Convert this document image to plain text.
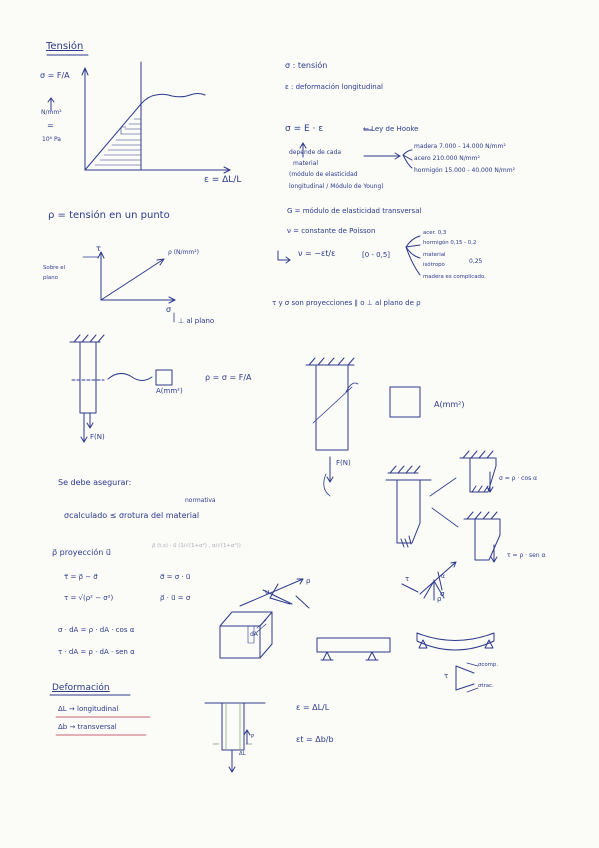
Tensión
σ = F/A
N/mm²
=
10⁶ Pa
ε = ΔL/L
σ : tensión
ε : deformación longitudinal
σ = E · ε	← Ley de Hooke
depende de cada
material
(módulo de elasticidad
longitudinal / Módulo de Young)
madera 7.000 - 14.000 N/mm²
acero 210.000 N/mm²
hormigón 15.000 - 40.000 N/mm²
ρ = tensión en un punto
ρ (N/mm²)
τ
Sobre el
plano
σ
⊥ al plano
G = módulo de elasticidad transversal
ν = constante de Poisson
ν = −εt/ε	[0 - 0,5]
acer. 0,3
hormigón 0,15 - 0,2
material
isótropo	0,25
madera es complicado.
τ y σ son proyecciones ∥ o ⊥ al plano de ρ
A(mm²)
ρ = σ = F/A
F(N)
A(mm²)
F(N)
σ = ρ · cos α
τ = ρ · sen α
Se debe asegurar:
normativa
σcalculado ≤ σrotura del material
ρ⃗ proyección u⃗
ρ⃗ (t,s) · u⃗ (1/√(1+α²) , α/√(1+α²))
τ⃗ = ρ⃗ − σ⃗
τ = √(ρ² − σ²)
σ⃗ = σ · u⃗
ρ⃗ · u⃗ = σ
σ · dA = ρ · dA · cos α
τ · dA = ρ · dA · sen α
u
ρ
dA
τ
σ
α
ρ
τ
σcomp.
σtrac.
Deformación
ΔL → longitudinal
Δb → transversal
ε = ΔL/L
εt = Δb/b
P
ΔL
